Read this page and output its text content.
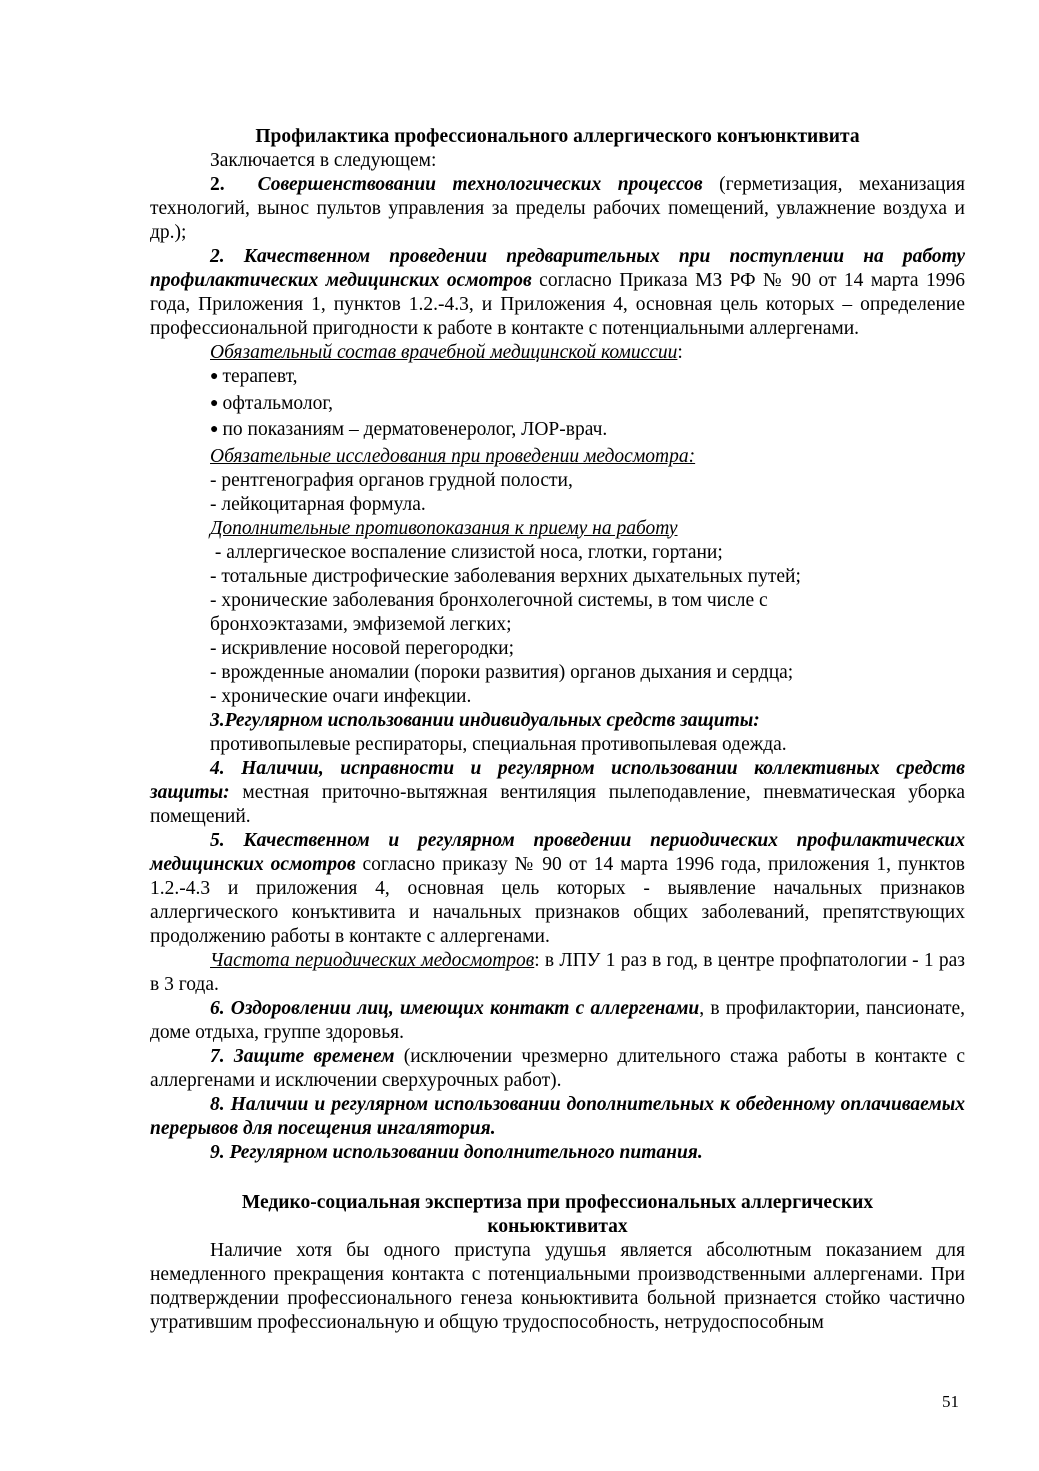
Профилактика профессионального аллергического конъюнктивита

Заключается в следующем:

2. Совершенствовании технологических процессов (герметизация, механизация технологий, вынос пультов управления за пределы рабочих помещений, увлажнение воздуха и др.);

2. Качественном проведении предварительных при поступлении на работу профилактических медицинских осмотров согласно Приказа МЗ РФ № 90 от 14 марта 1996 года, Приложения 1, пунктов 1.2.-4.3, и Приложения 4, основная цель которых – определение профессиональной пригодности к работе в контакте с потенциальными аллергенами.

Обязательный состав врачебной медицинской комиссии:

● терапевт,
● офтальмолог,
● по показаниям – дерматовенеролог, ЛОР-врач.

Обязательные исследования при проведении медосмотра:

- рентгенография органов грудной полости,

- лейкоцитарная формула.

Дополнительные противопоказания к приему на работу

- аллергическое воспаление слизистой носа, глотки, гортани;

- тотальные дистрофические заболевания верхних дыхательных путей;

- хронические заболевания бронхолегочной системы, в том числе с

бронхоэктазами, эмфиземой легких;

- искривление носовой перегородки;

- врожденные аномалии (пороки развития) органов дыхания и сердца;

- хронические очаги инфекции.

3.Регулярном использовании индивидуальных средств защиты:

противопылевые респираторы, специальная противопылевая одежда.

4. Наличии, исправности и регулярном использовании коллективных средств защиты: местная приточно-вытяжная вентиляция пылеподавление, пневматическая уборка помещений.

5. Качественном и регулярном проведении периодических профилактических медицинских осмотров согласно приказу № 90 от 14 марта 1996 года, приложения 1, пунктов 1.2.-4.3 и приложения 4, основная цель которых - выявление начальных признаков аллергического конъктивита и начальных признаков общих заболеваний, препятствующих продолжению работы в контакте с аллергенами.

Частота периодических медосмотров: в ЛПУ 1 раз в год, в центре профпатологии - 1 раз в 3 года.

6. Оздоровлении лиц, имеющих контакт с аллергенами, в профилактории, пансионате, доме отдыха, группе здоровья.

7. Защите временем (исключении чрезмерно длительного стажа работы в контакте с аллергенами и исключении сверхурочных работ).

8. Наличии и регулярном использовании дополнительных к обеденному оплачиваемых перерывов для посещения ингалятория.

9. Регулярном использовании дополнительного питания.

Медико-социальная экспертиза при профессиональных аллергических

коньюктивитах

Наличие хотя бы одного приступа удушья является абсолютным показанием для немедленного прекращения контакта с потенциальными производственными аллергенами. При подтверждении профессионального генеза коньюктивита больной признается стойко частично утратившим профессиональную и общую трудоспособность, нетрудоспособным

51
